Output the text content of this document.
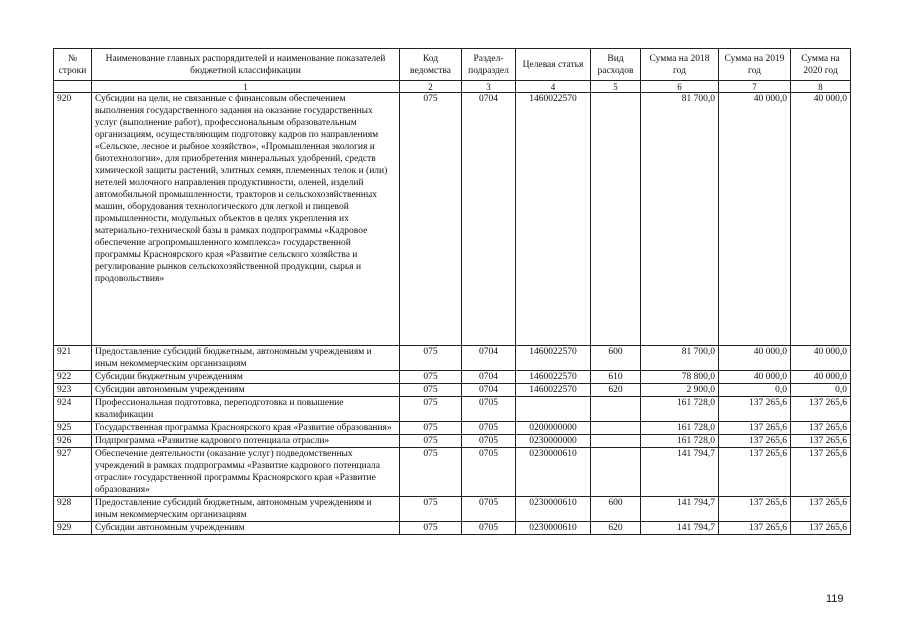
№ строки	Наименование главных распорядителей и наименование показателей бюджетной классификации	Код ведомства	Раздел-подраздел	Целевая статья	Вид расходов	Сумма на 2018 год	Сумма на 2019 год	Сумма на 2020 год
	1	2	3	4	5	6	7	8
920	Субсидии на цели, не связанные с финансовым обеспечением выполнения государственного задания на оказание государственных услуг (выполнение работ), профессиональным образовательным организациям, осуществляющим подготовку кадров по направлениям «Сельское, лесное и рыбное хозяйство», «Промышленная экология и биотехнологии», для приобретения минеральных удобрений, средств химической защиты растений, элитных семян, племенных телок и (или) нетелей молочного направления продуктивности, оленей, изделий автомобильной промышленности, тракторов и сельскохозяйственных машин, оборудования технологического для легкой и пищевой промышленности, модульных объектов в целях укрепления их материально-технической базы в рамках подпрограммы «Кадровое обеспечение агропромышленного комплекса» государственной программы Красноярского края «Развитие сельского хозяйства и регулирование рынков сельскохозяйственной продукции, сырья и продовольствия»	075	0704	1460022570		81 700,0	40 000,0	40 000,0
921	Предоставление субсидий бюджетным, автономным учреждениям и иным некоммерческим организациям	075	0704	1460022570	600	81 700,0	40 000,0	40 000,0
922	Субсидии бюджетным учреждениям	075	0704	1460022570	610	78 800,0	40 000,0	40 000,0
923	Субсидии автономным учреждениям	075	0704	1460022570	620	2 900,0	0,0	0,0
924	Профессиональная подготовка, переподготовка и повышение квалификации	075	0705			161 728,0	137 265,6	137 265,6
925	Государственная программа Красноярского края «Развитие образования»	075	0705	0200000000		161 728,0	137 265,6	137 265,6
926	Подпрограмма «Развитие кадрового потенциала отрасли»	075	0705	0230000000		161 728,0	137 265,6	137 265,6
927	Обеспечение деятельности (оказание услуг) подведомственных учреждений в рамках подпрограммы «Развитие кадрового потенциала отрасли» государственной программы Красноярского края «Развитие образования»	075	0705	0230000610		141 794,7	137 265,6	137 265,6
928	Предоставление субсидий бюджетным, автономным учреждениям и иным некоммерческим организациям	075	0705	0230000610	600	141 794,7	137 265,6	137 265,6
929	Субсидии автономным учреждениям	075	0705	0230000610	620	141 794,7	137 265,6	137 265,6
119
